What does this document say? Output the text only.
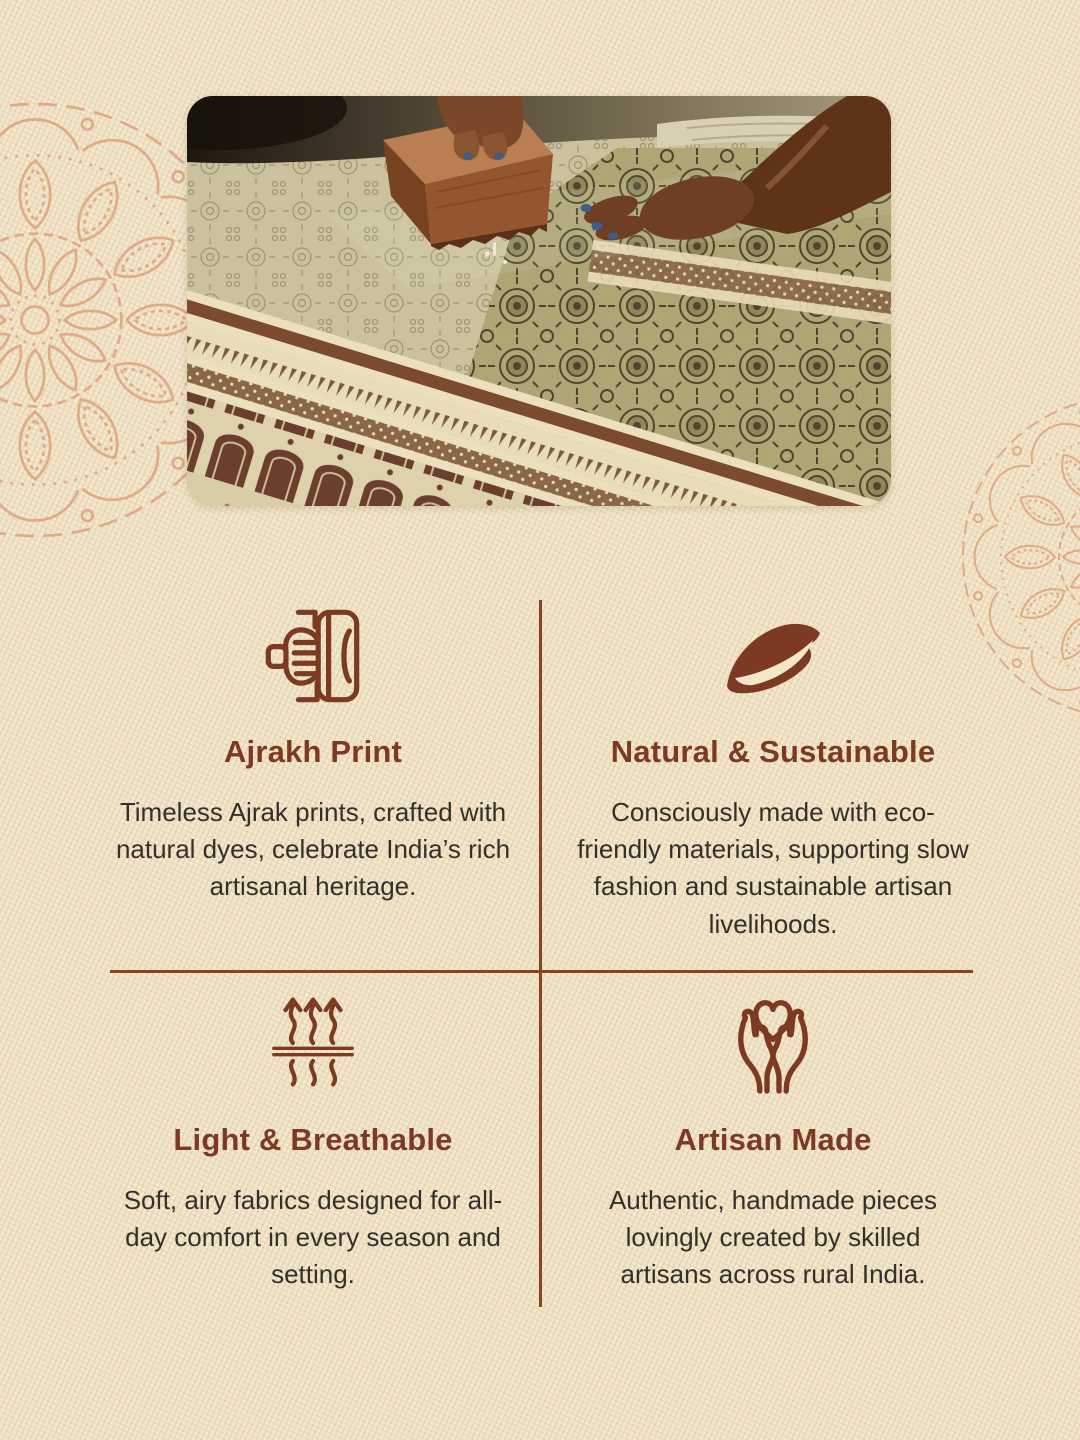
Ajrakh Print

Timeless Ajrak prints, crafted with natural dyes, celebrate India’s rich artisanal heritage.

Natural & Sustainable

Consciously made with eco-friendly materials, supporting slow fashion and sustainable artisan livelihoods.

Light & Breathable

Soft, airy fabrics designed for all-day comfort in every season and setting.

Artisan Made

Authentic, handmade pieces lovingly created by skilled artisans across rural India.
